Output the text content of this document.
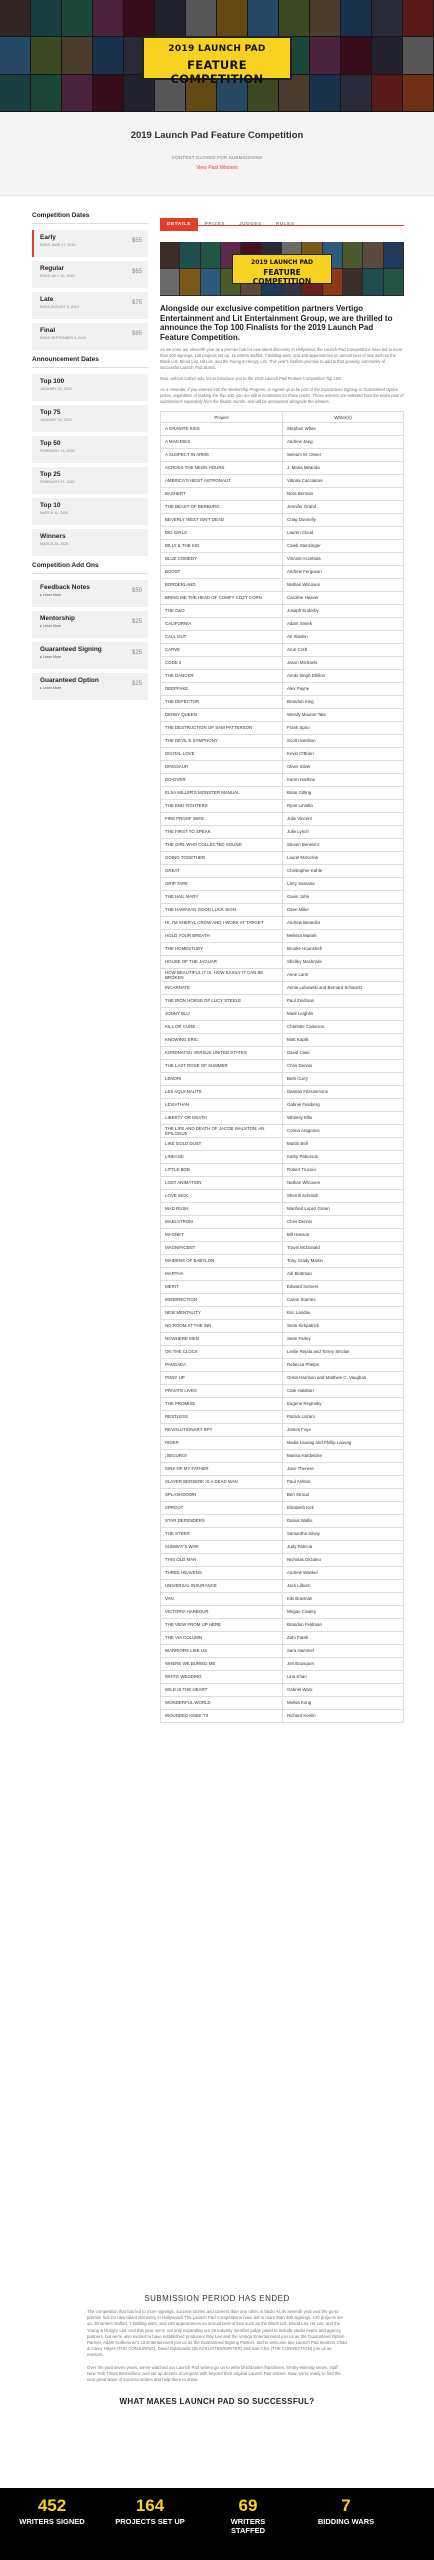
2019 LAUNCH PAD
FEATURE COMPETITION
2019 Launch Pad Feature Competition
CONTEST CLOSED FOR SUBMISSIONS
View Past Winners
Competition Dates
Early
ENDS JUNE 17, 2019
$55
Regular
ENDS JULY 15, 2019
$65
Late
ENDS AUGUST 5, 2019
$75
Final
ENDS SEPTEMBER 9, 2019
$85
Announcement Dates
Top 100
JANUARY 10, 2020
Top 75
JANUARY 20, 2020
Top 50
FEBRUARY 13, 2020
Top 25
FEBRUARY 27, 2020
Top 10
MARCH 12, 2020
Winners
MARCH 26, 2020
Competition Add Ons
Feedback Notes
▸ Learn More
$50
Mentorship
▸ Learn More
$25
Guaranteed Signing
▸ Learn More
$25
Guaranteed Option
▸ Learn More
$25
DETAILS	PRIZES	JUDGES	RULES
2019 LAUNCH PAD
FEATURE COMPETITION
Alongside our exclusive competition partners Vertigo Entertainment and Lit Entertainment Group, we are thrilled to announce the Top 100 Finalists for the 2019 Launch Pad Feature Competition.

As we enter our eleventh year as a premier hub for new talent discovery in Hollywood, the Launch Pad Competitions have led to more than 400 signings, 130 projects set up, 15 writers staffed, 7 bidding wars, and 100 appearances on annual best-of lists such as the Black List, Blood List, Hit List, and the Young & Hungry List. This year's finalists promise to add to that growing community of successful Launch Pad alumni.

Now, without further ado, let us introduce you to the 2019 Launch Pad Feature Competition Top 100!

As a reminder, if you entered into the Mentorship Program, or signed up to be part of the Guaranteed Signing or Guaranteed Option prizes, regardless of making the Top 100, you are still in contention for those prizes. Those winners are selected from the entire pool of submissions separately from the finalist rounds, and will be announced alongside the winners.

Project	Writer(s)
A GRANITE KISS	Stephen White
A MAN DIES	Andrew Jaeg
A SUSPECT IN ARMS	Seleum M. Onser
ACROSS THE NEON HOURS	J. Maria Miranda
AMERICA'S HEIST ASTRONAUT	Vittoria Cacciatore
BASHERT	Nora Berman
THE BEAST OF BERBURG	Jennifer Grand
BEVERLY WEST ISN'T DEAD	Craig Donnelly
BIG GIRLS	Lauren Cloud
BILLY & THE KID	Caleb Stenzinger
BLUE COMEDY	Vincent Accettola
BOOST	Andrew Ferguson
BORDERLAND	Nathan Wilcoxen
BRING ME THE HEAD OF COMFY COZY CORN	Caroline Heaver
THE C&O	Joseph Enderby
CALIFORNIA	Adam Smiek
CALL OUT	Ari Slavkin
CARVE	Arun Craft
CODE 4	Jason Michaels
THE DANCER	Anoki Singh Dhillon
DEEPFAKE	Alex Payne
THE DEFECTOR	Brandon King
DERBY QUEEN	Wendy Mouton Tate
THE DESTRUCTION OF SAM PATTERSON	Frank Spiro
THE DEVIL'S SYMPHONY	Scott Hamilton
DIGITAL LOVE	Kevin O'Brien
DINOSAUR	Oliver Silver
DO-OVER	Karen Hartline
ELSA MILLER'S MONSTER MANUAL	Brian Gitting
THE END FIGHTERS	Ryan LaValla
FIRE PROOF WIFE	Julie Vincent
THE FIRST TO SPEAK	Julie Lynch
THE GIRL WHO COLLECTED SOUND	Steven Benevicz
GOING TOGETHER	Laurel McKelvin
GREAT	Christopher Kahle
GRIP TAPE	Larry Samaria
THE HAIL MARY	Gavin John
THE HAWAIIAN GOOD LUCK SIGN	Dave Miller
HI, I'M SHERYL CROW AND I WORK AT TARGET	Andrew Benedict
HOLD YOUR BREATH	Melissa Mariah
THE HOMESTUDY	Brooke Hounshell
HOUSE OF THE JAGUAR	Shelley Macbryde
HOW BEAUTIFUL IT IS, HOW EASILY IT CAN BE BROKEN	Anne Lann
INCARNATE	Annie Lubowski and Bernard Schwartz
THE IRON HORSE OF LUCY STEELE	Paul Zeidman
JONNY BLU	Mark Leighlin
KILL OR CURE	Charlotte Cameron
KNOWING ERIC	Matt Kaplik
KORDNATSU VERSUS UNITED STATES	David Case
THE LAST ROSE OF SUMMER	Chris Dennis
LENORI	Beth Curry
LES AQUANAUTS	Damian Fitzsimmons
LEVIATHAN	Gabriel Feinberg
LIBERTY OR DEATH	Whitney Ellis
THE LIFE AND DEATH OF JACOB WALSTON: AN EPILOGUE	Corina Aragones
LIKE GOLD DUST	Martin Bell
LINEAGE	Kathy Patterson
LITTLE BOB	Robert Trucoio
LOST ANIMATION	Nathan Wilcoxen
LOVE SICK	Sherrill Schmidt
MAD RUSH	Manfred Lopez Green
MAELSTROM	Chris Dennis
MAGNET	Bill Hanson
MAGNIFICENT	Travis McDonald
MAIDENS OF BABYLON	Tony Grady Martin
MARTHA	Adi Blottman
MERIT	Edward Somers
MISDIRECTION	Calvin Starnes
NEW MENTALITY	Eric Landau
NO ROOM AT THE INN	Sean Kirkpatrick
NOWHERE MEN	Sean Farley
ON THE CLOCK	Leslie Rejala and Torrey Sinclair
PANGAEA	Rebecca Phelps
PONY UP	Greta Harrison and Matthew C. Vaughan
PRIVATE LIVES	Cate Halahan
THE PROMISE	Eugene Reginsky
RESTLESS	Patrick Lazaro
REVOLUTIONARY SPY	James Foye
RIDER	Nadia Lauvag and Phillip Lauvag
¡SEGURO!	Marisa Hardwicke
SINS OF MY FATHER	Jane Therese
SLAYER BERSERK IS A DEAD MAN	Paul Ashton
SPLASHDOWN	Ben Stroud
SPROUT	Elizabeth Kirk
STAR DEFENDERS	Darius Wallis
THE STEER	Samantha Silvay
SUBWAY'S WAR	Judy Patricia
THIS OLD MAN	Nicholas DiGiano
THREE HEAVENS	Andrew Wankel
UNIVERSAL INSURANCE	Jack Lilburn
VAN	Kiki Bowman
VICTORIA HARBOUR	Megan Cowley
THE VIEW FROM UP HERE	Brandon Feldman
THE VIA COLUMN	Zahi Farah
WARRIORS LIKE US	Sara Hammel
WHERE WE BURIED ME	Jen Bousquet
WHITE WEDDING	Lina Khan
WILD IS THE HEART	Gabriel Wars
WONDERFUL WORLD	Melisa Kong
WOUNDED KNEE '73	Richard Keelin
SUBMISSION PERIOD HAS ENDED

The competition that has led to more signings, success stories and careers than any other, is back! As its seventh year and the go-to premier hub for new talent discovery in Hollywood! The Launch Pad Competitions have led to more than 400 signings, 130 projects set up, 30 writers staffed, 7 bidding wars, and 100 appearances on annual best-of lists such as the Black List, Blood List, Hit List, and the Young & Hungry List. And this year, we're not only expanding our 25 industry member judge panel to include studio execs and agency partners, but we're also excited to have established producers Ray Lee and the Vertigo Entertainment join us as the Guaranteed Option Partner, Adam Kolbrenner's Lit Entertainment join us as the Guaranteed Signing Partner, and to welcome two Launch Pad mentors Chad & Carey Hayes (THE CONJURING), David Rabinowitz (BLACKLISTED/WRITER) and Sue Choi (THE CONNECTION) join us as mentors.

Over the past seven years, we've watched our Launch Pad writers go on to write blockbuster franchises, Emmy-winning series, staff New York Times Bestsellers, and set up dozens of projects with beyond their original Launch Pad entries. Now, we're ready to find the next great wave of success stories and help them to shine.

WHAT MAKES LAUNCH PAD SO SUCCESSFUL?
452
WRITERS SIGNED
164
PROJECTS SET UP
69
WRITERS STAFFED
7
BIDDING WARS
